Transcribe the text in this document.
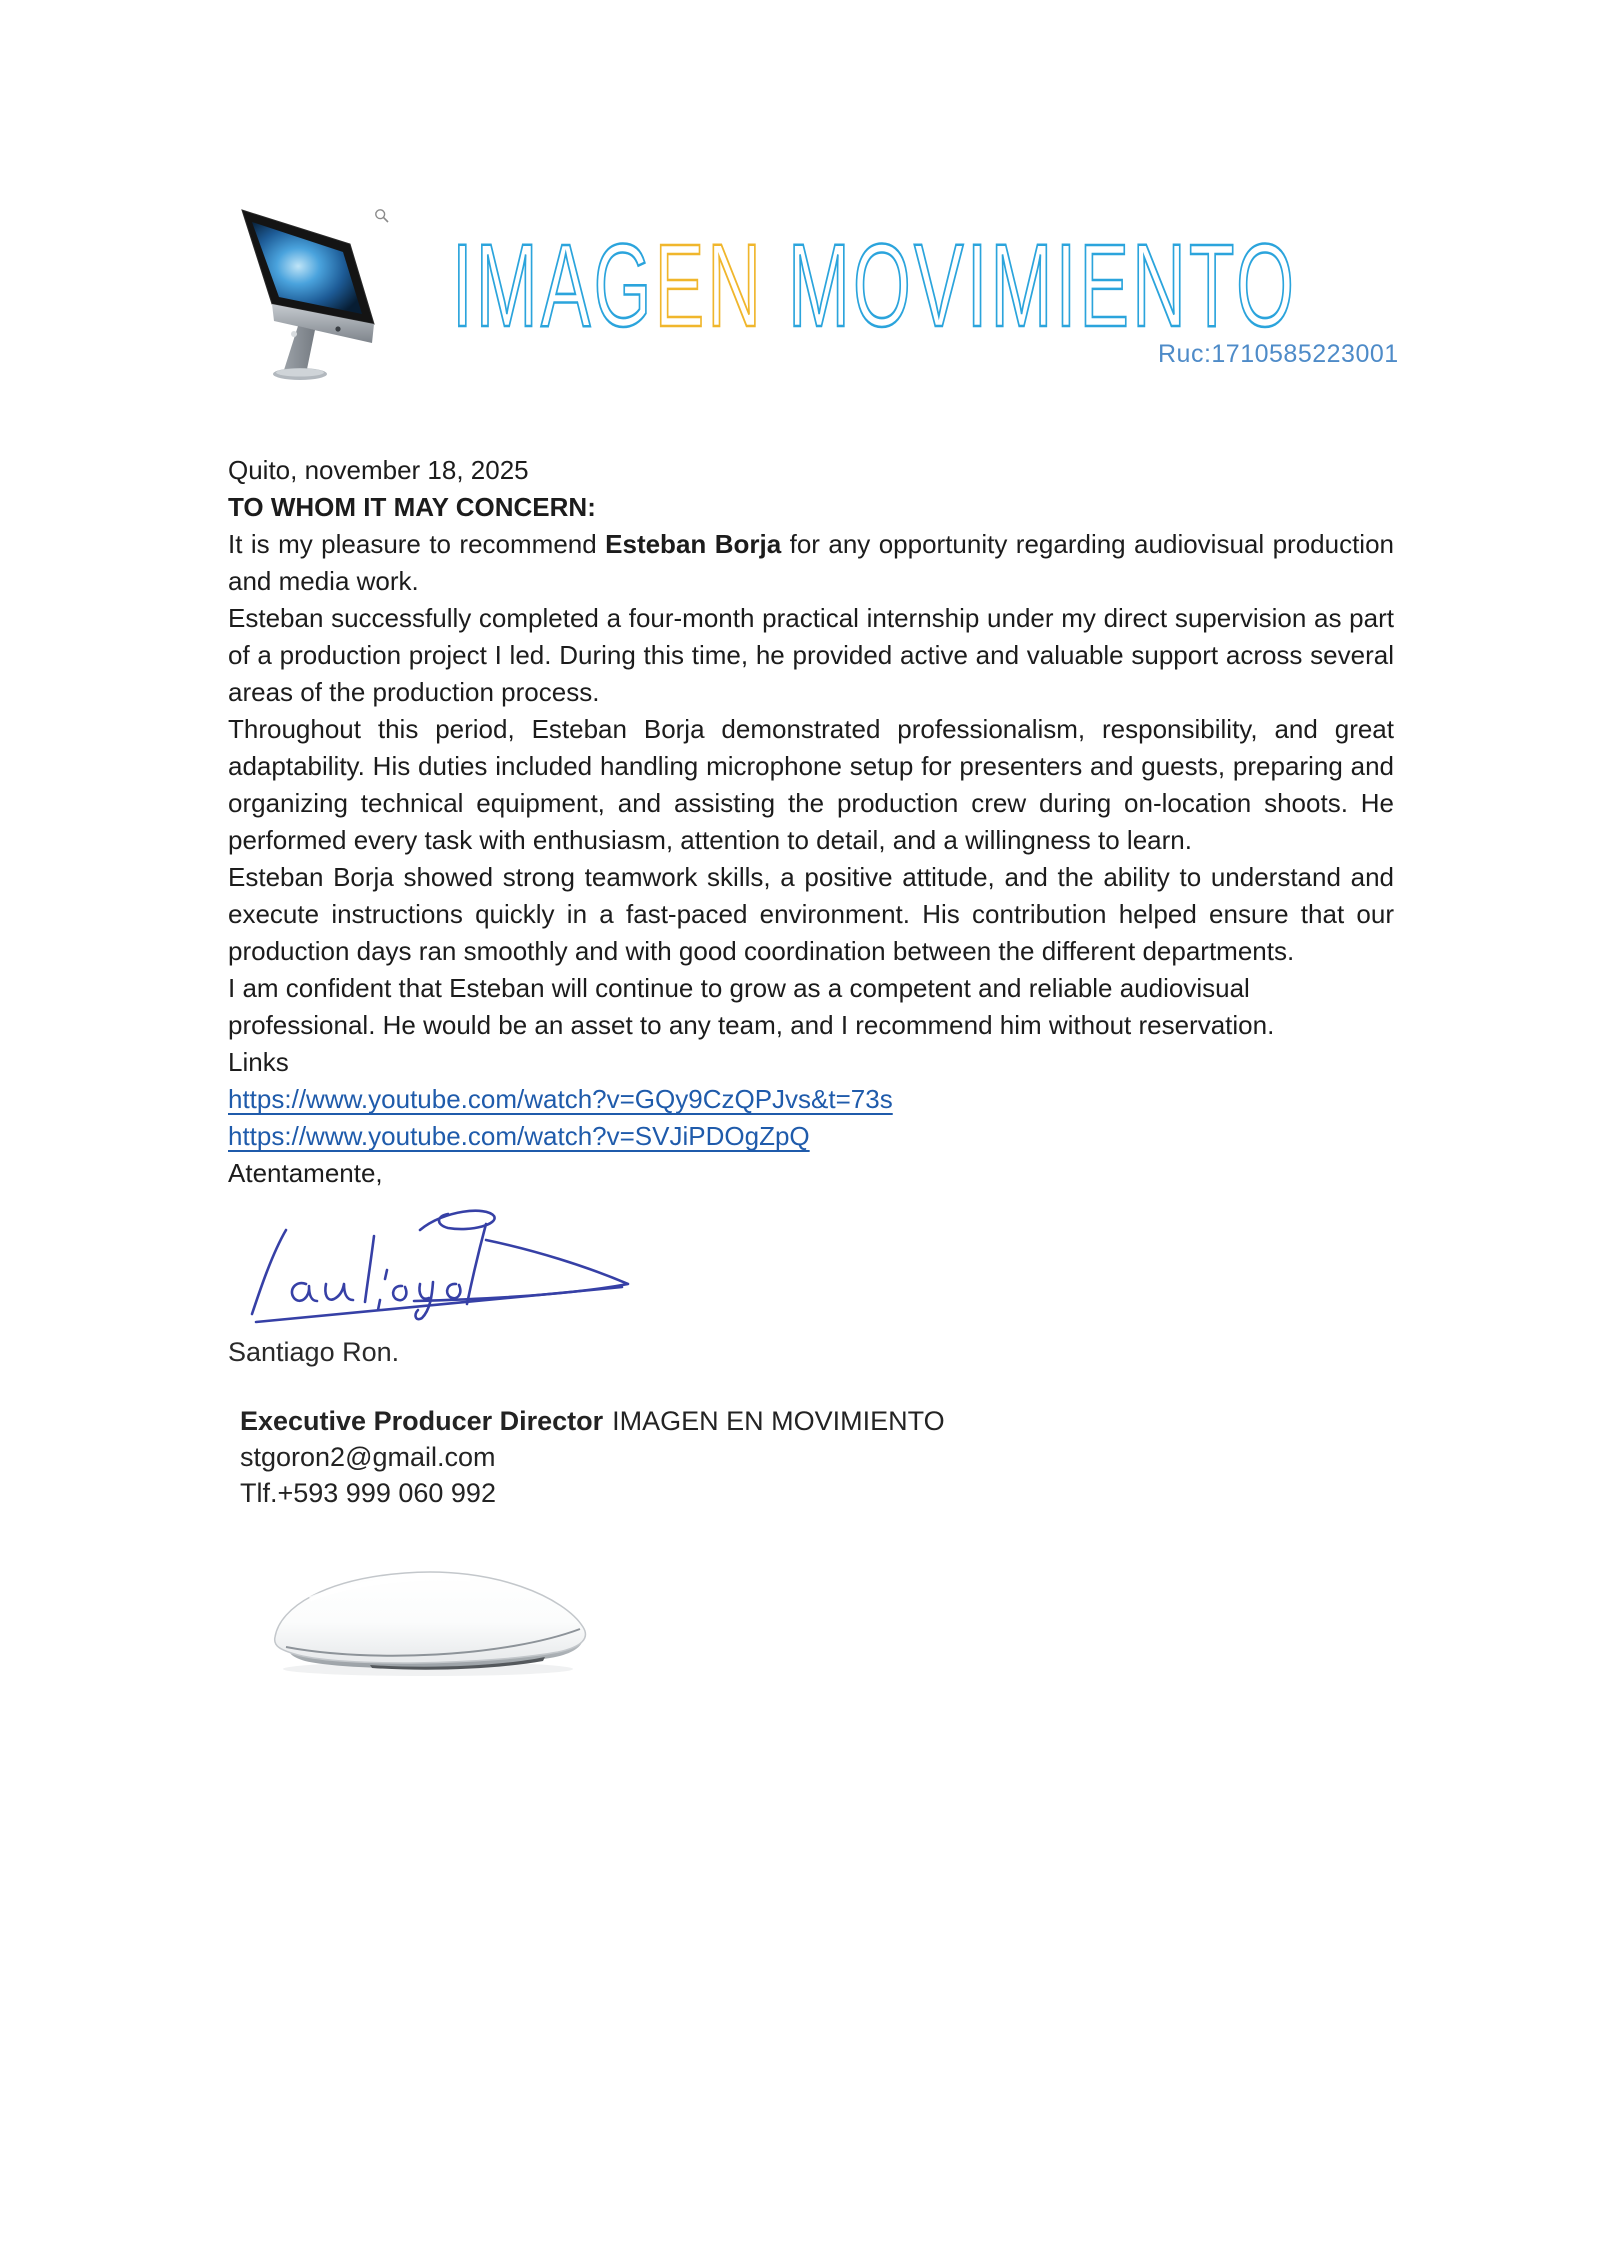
IMAGEN MOVIMIENTO
Ruc:1710585223001

Quito, november 18, 2025

TO WHOM IT MAY CONCERN:

It is my pleasure to recommend Esteban Borja for any opportunity regarding audiovisual production and media work.

Esteban successfully completed a four-month practical internship under my direct supervision as part of a production project I led. During this time, he provided active and valuable support across several areas of the production process.

Throughout this period, Esteban Borja demonstrated professionalism, responsibility, and great adaptability. His duties included handling microphone setup for presenters and guests, preparing and organizing technical equipment, and assisting the production crew during on-location shoots. He performed every task with enthusiasm, attention to detail, and a willingness to learn.

Esteban Borja showed strong teamwork skills, a positive attitude, and the ability to understand and execute instructions quickly in a fast-paced environment. His contribution helped ensure that our production days ran smoothly and with good coordination between the different departments.

I am confident that Esteban will continue to grow as a competent and reliable audiovisual professional. He would be an asset to any team, and I recommend him without reservation.

Links

https://www.youtube.com/watch?v=GQy9CzQPJvs&t=73s

https://www.youtube.com/watch?v=SVJiPDOgZpQ

Atentamente,

Santiago Ron.

Executive Producer Director IMAGEN EN MOVIMIENTO

stgoron2@gmail.com

Tlf.+593 999 060 992
